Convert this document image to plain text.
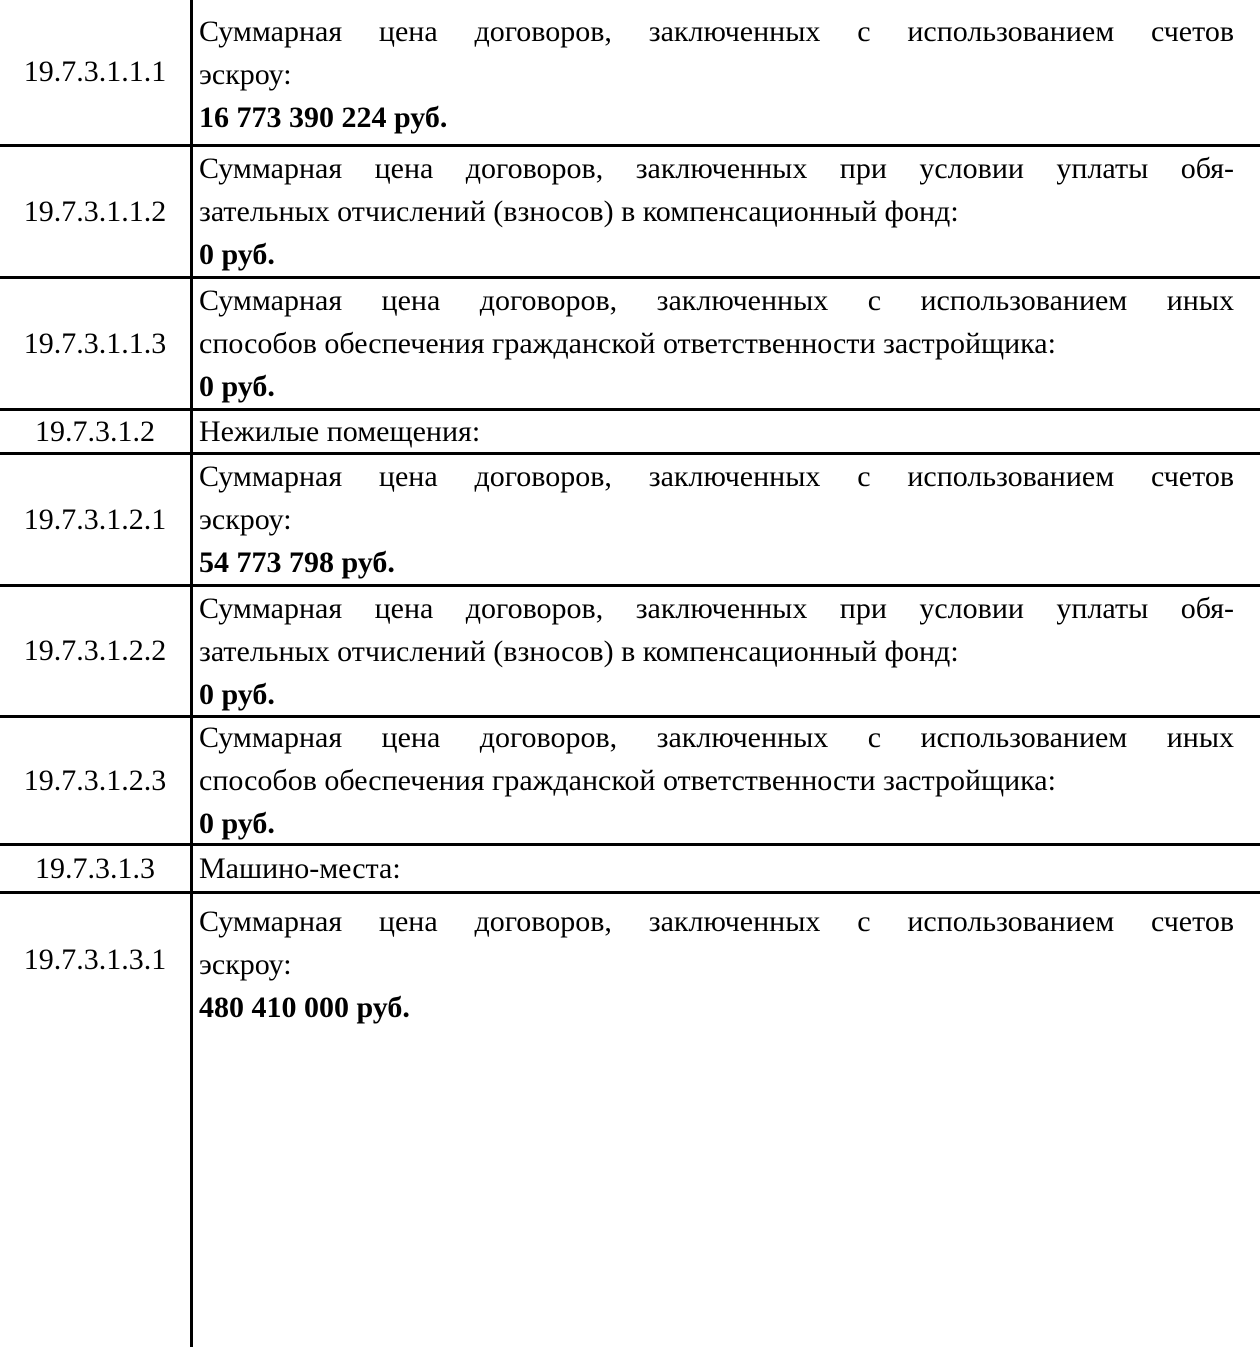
19.7.3.1.1.1
Суммарная цена договоров, заключенных с использованием счетов
эскроу:
16 773 390 224 руб.
19.7.3.1.1.2
Суммарная цена договоров, заключенных при условии уплаты обя-
зательных отчислений (взносов) в компенсационный фонд:
0 руб.
19.7.3.1.1.3
Суммарная цена договоров, заключенных с использованием иных
способов обеспечения гражданской ответственности застройщика:
0 руб.
19.7.3.1.2 Нежилые помещения:
19.7.3.1.2.1
Суммарная цена договоров, заключенных с использованием счетов
эскроу:
54 773 798 руб.
19.7.3.1.2.2
Суммарная цена договоров, заключенных при условии уплаты обя-
зательных отчислений (взносов) в компенсационный фонд:
0 руб.
19.7.3.1.2.3
Суммарная цена договоров, заключенных с использованием иных
способов обеспечения гражданской ответственности застройщика:
0 руб.
19.7.3.1.3 Машино-места:
19.7.3.1.3.1
Суммарная цена договоров, заключенных с использованием счетов
эскроу:
480 410 000 руб.
